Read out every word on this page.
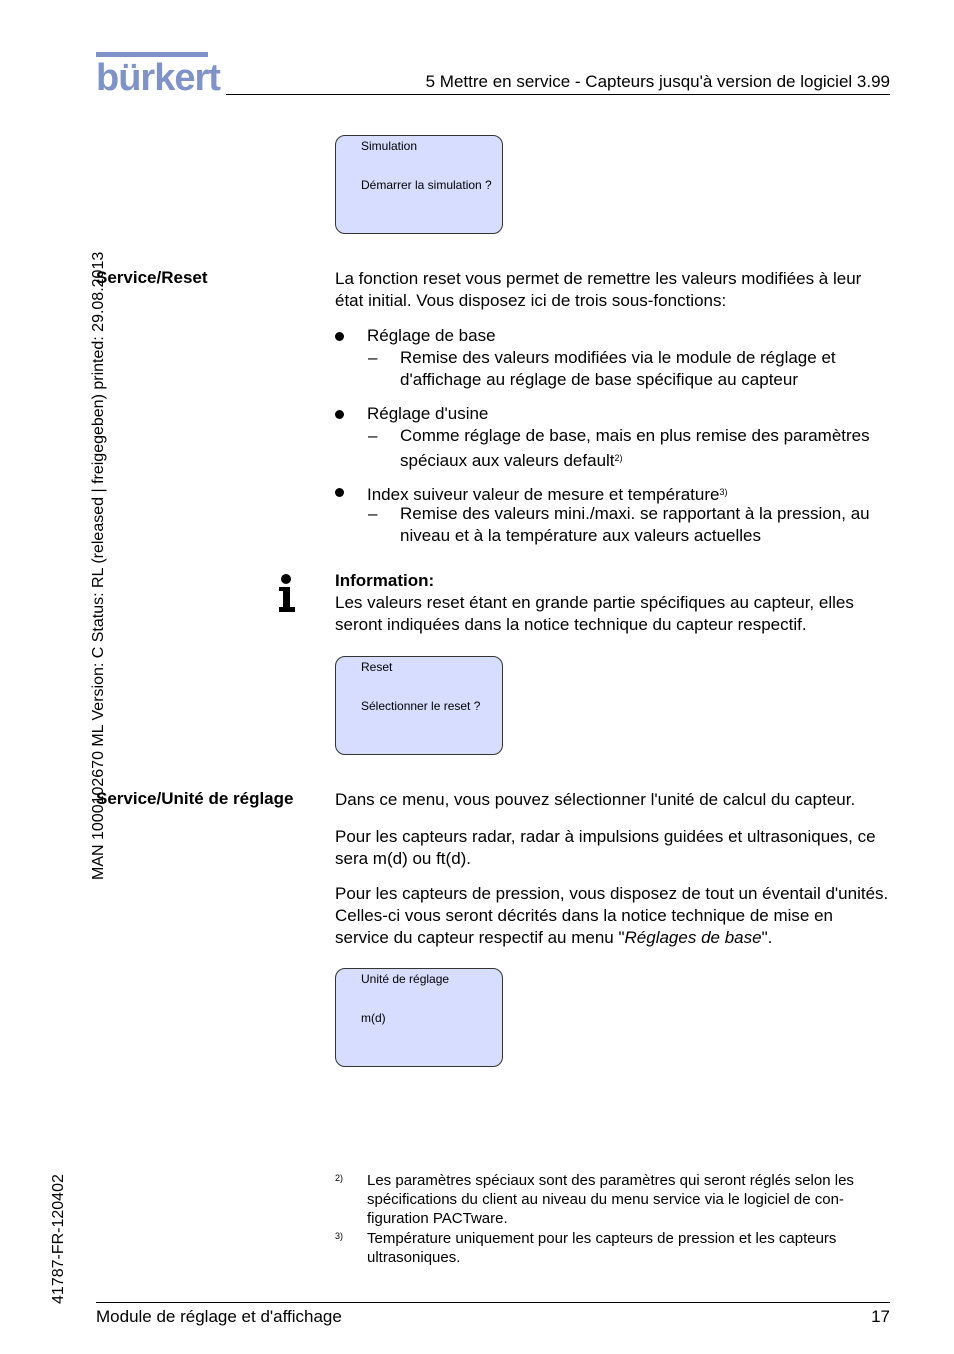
bürkert	5 Mettre en service - Capteurs jusqu'à version de logiciel 3.99
MAN 1000102670 ML Version: C Status: RL (released | freigegeben) printed: 29.08.2013
41787-FR-120402
Simulation
Démarrer la simulation ?
Service/Reset	La fonction reset vous permet de remettre les valeurs modifiées à leur état initial. Vous disposez ici de trois sous-fonctions:

Réglage de base
– Remise des valeurs modifiées via le module de réglage et d'affichage au réglage de base spécifique au capteur
Réglage d'usine
– Comme réglage de base, mais en plus remise des paramètres spéciaux aux valeurs default$^{2)}$
Index suiveur valeur de mesure et température$^{3)}$
– Remise des valeurs mini./maxi. se rapportant à la pression, au niveau et à la température aux valeurs actuelles

Information:

Les valeurs reset étant en grande partie spécifiques au capteur, elles seront indiquées dans la notice technique du capteur respectif.

Reset
Sélectionner le reset ?
Service/Unité de réglage Dans ce menu, vous pouvez sélectionner l'unité de calcul du capteur.

Pour les capteurs radar, radar à impulsions guidées et ultrasoniques, ce sera m(d) ou ft(d).

Pour les capteurs de pression, vous disposez de tout un éventail d'unités. Celles-ci vous seront décrités dans la notice technique de mise en service du capteur respectif au menu "Réglages de base".

Unité de réglage
m(d)
2) Les paramètres spéciaux sont des paramètres qui seront réglés selon les spécifications du client au niveau du menu service via le logiciel de con-figuration PACTware.
3) Température uniquement pour les capteurs de pression et les capteurs ultrasoniques.
Module de réglage et d'affichage	17
